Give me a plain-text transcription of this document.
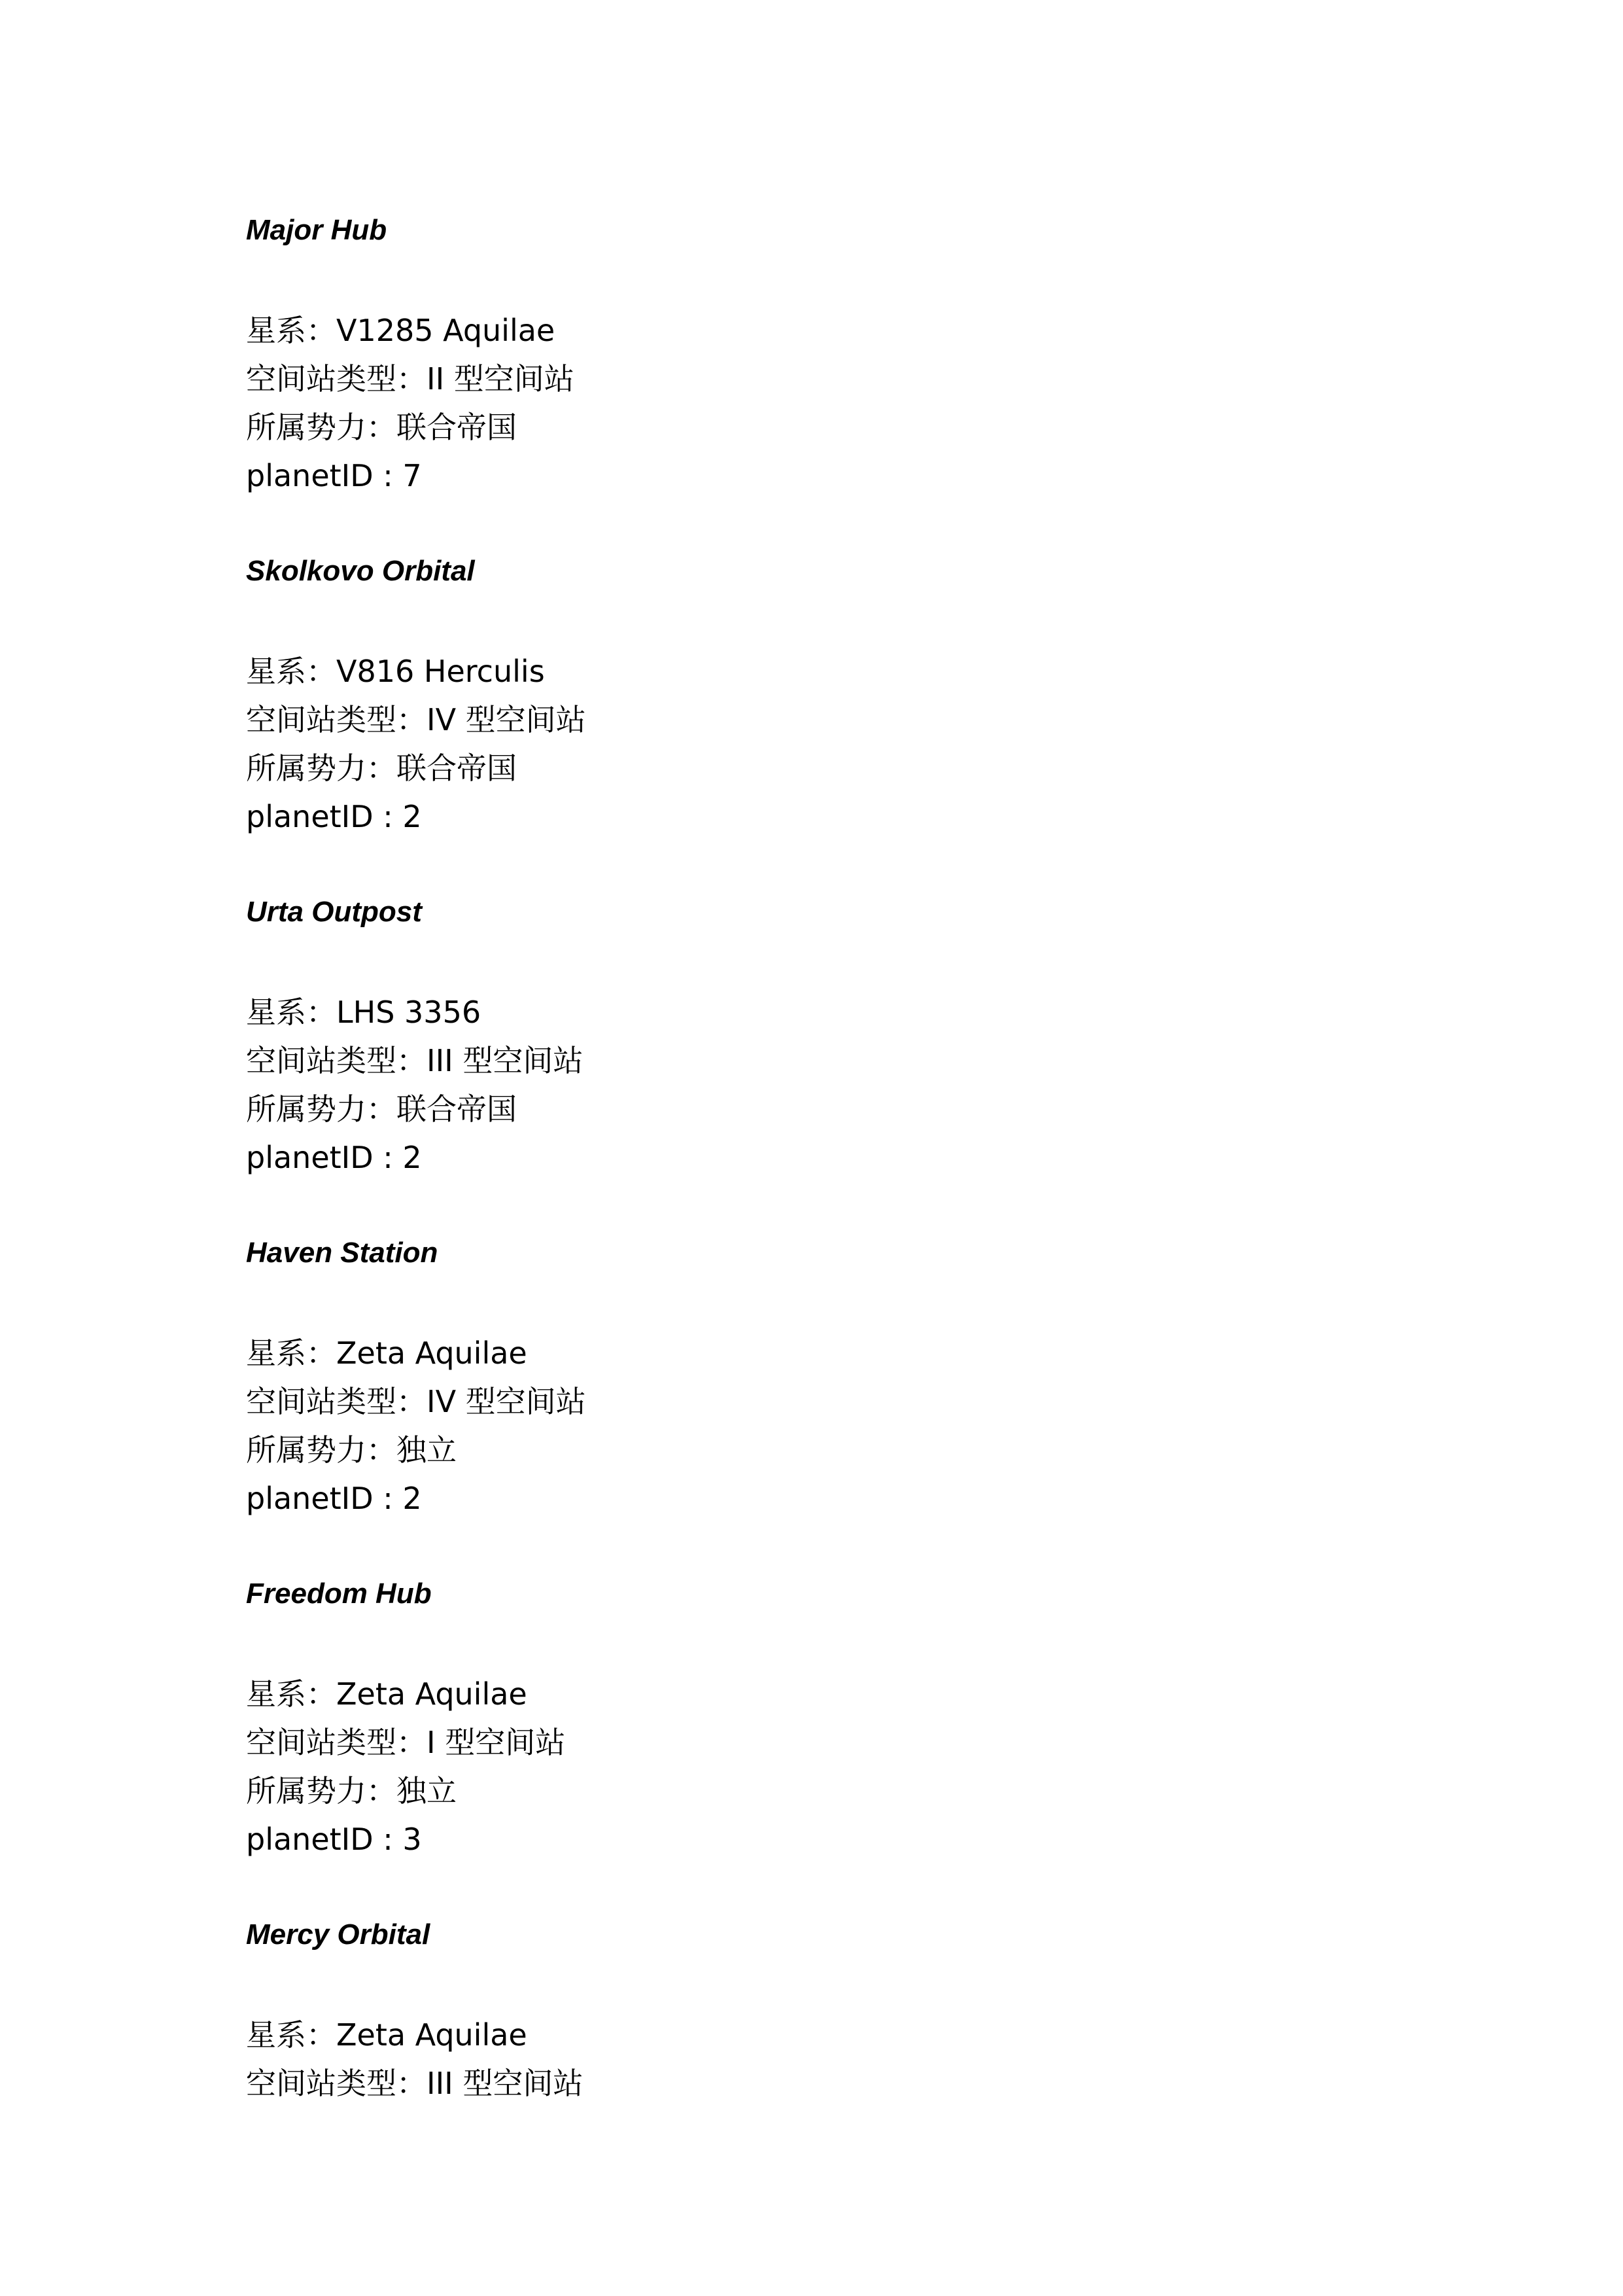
Major Hub
星系：V1285 Aquilae
空间站类型：II 型空间站
所属势力：联合帝国
planetID : 7
Skolkovo Orbital
星系：V816 Herculis
空间站类型：IV 型空间站
所属势力：联合帝国
planetID : 2
Urta Outpost
星系：LHS 3356
空间站类型：III 型空间站
所属势力：联合帝国
planetID : 2
Haven Station
星系：Zeta Aquilae
空间站类型：IV 型空间站
所属势力：独立
planetID : 2
Freedom Hub
星系：Zeta Aquilae
空间站类型：I 型空间站
所属势力：独立
planetID : 3
Mercy Orbital
星系：Zeta Aquilae
空间站类型：III 型空间站
